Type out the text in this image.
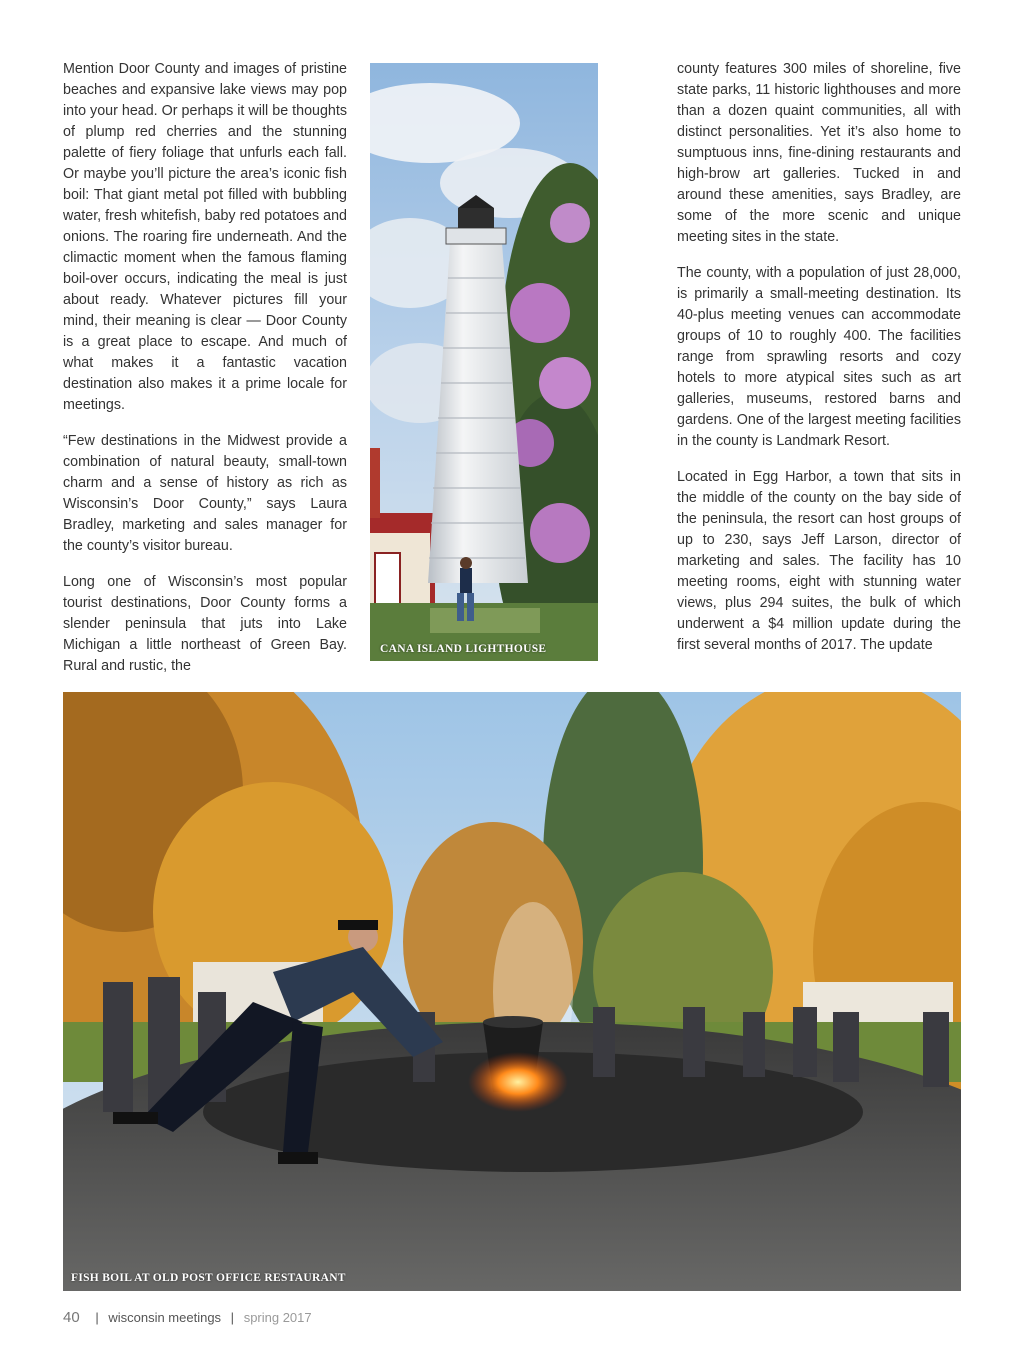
Mention Door County and images of pristine beaches and expansive lake views may pop into your head. Or perhaps it will be thoughts of plump red cherries and the stunning palette of fiery foliage that unfurls each fall. Or maybe you’ll picture the area’s iconic fish boil: That giant metal pot filled with bubbling water, fresh whitefish, baby red potatoes and onions. The roaring fire underneath. And the climactic moment when the famous flaming boil-over occurs, indicating the meal is just about ready. Whatever pictures fill your mind, their meaning is clear — Door County is a great place to escape. And much of what makes it a fantastic vacation destination also makes it a prime locale for meetings.

“Few destinations in the Midwest provide a combination of natural beauty, small-town charm and a sense of history as rich as Wisconsin’s Door County,” says Laura Bradley, marketing and sales manager for the county’s visitor bureau.

Long one of Wisconsin’s most popular tourist destinations, Door County forms a slender peninsula that juts into Lake Michigan a little northeast of Green Bay. Rural and rustic, the

CANA ISLAND LIGHTHOUSE

county features 300 miles of shoreline, five state parks, 11 historic lighthouses and more than a dozen quaint communities, all with distinct personalities. Yet it’s also home to sumptuous inns, fine-dining restaurants and high-brow art galleries. Tucked in and around these amenities, says Bradley, are some of the more scenic and unique meeting sites in the state.

The county, with a population of just 28,000, is primarily a small-meeting destination. Its 40-plus meeting venues can accommodate groups of 10 to roughly 400. The facilities range from sprawling resorts and cozy hotels to more atypical sites such as art galleries, museums, restored barns and gardens. One of the largest meeting facilities in the county is Landmark Resort.

Located in Egg Harbor, a town that sits in the middle of the county on the bay side of the peninsula, the resort can host groups of up to 230, says Jeff Larson, director of marketing and sales. The facility has 10 meeting rooms, eight with stunning water views, plus 294 suites, the bulk of which underwent a $4 million update during the first several months of 2017. The update

FISH BOIL AT OLD POST OFFICE RESTAURANT
40 | wisconsin meetings | spring 2017
